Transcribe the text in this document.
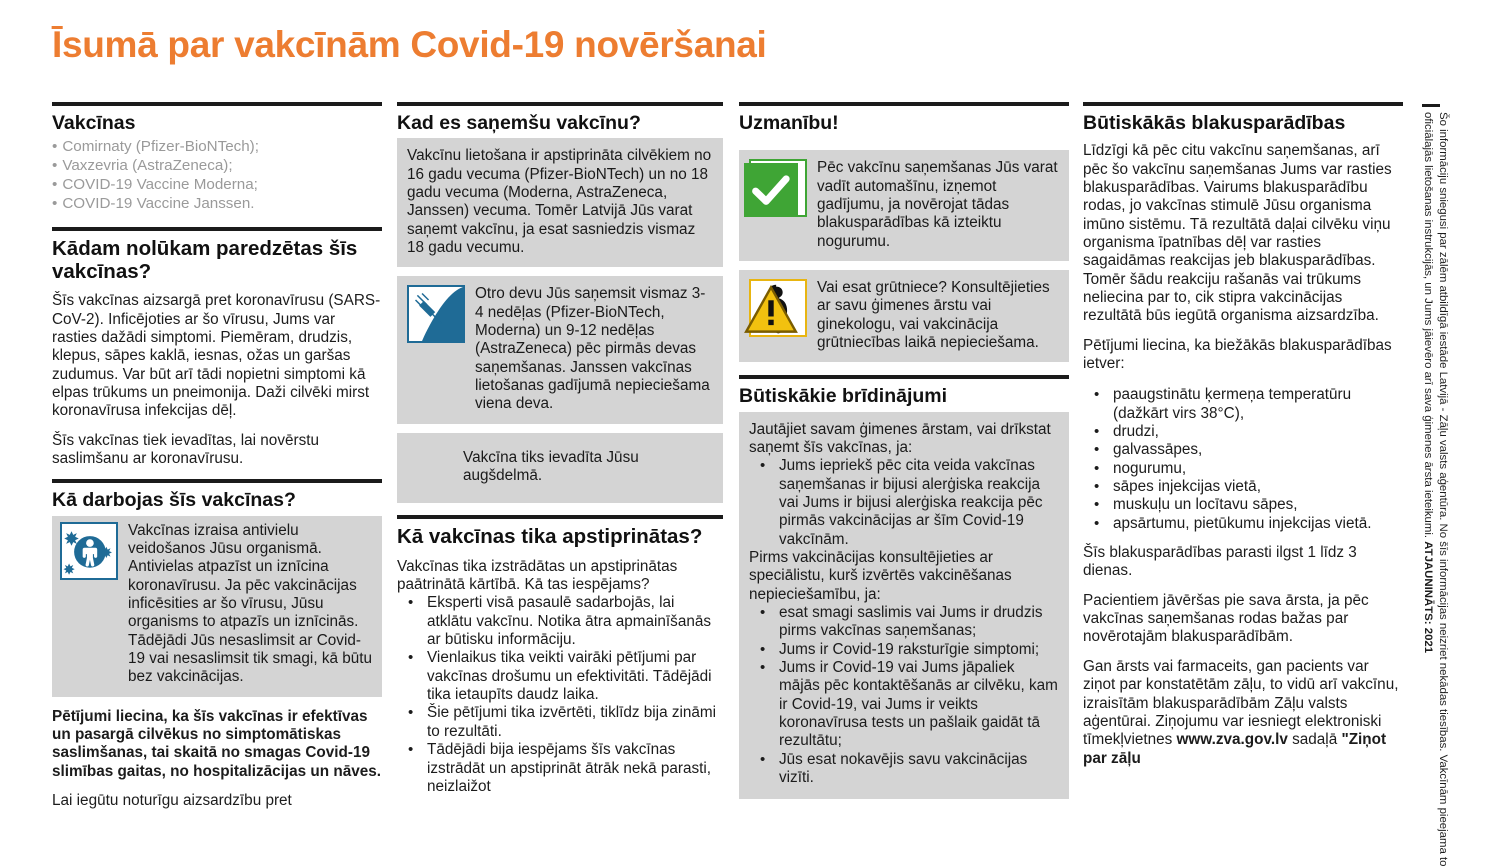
Īsumā par vakcīnām Covid-19 novēršanai
Vakcīnas
• Comirnaty (Pfizer-BioNTech);
• Vaxzevria (AstraZeneca);
• COVID-19 Vaccine Moderna;
• COVID-19 Vaccine Janssen.
Kādam nolūkam paredzētas šīs vakcīnas?

Šīs vakcīnas aizsargā pret koronavīrusu (SARS-CoV-2). Inficējoties ar šo vīrusu, Jums var rasties dažādi simptomi. Piemēram, drudzis, klepus, sāpes kaklā, iesnas, ožas un garšas zudumus. Var būt arī tādi nopietni simptomi kā elpas trūkums un pneimonija. Daži cilvēki mirst koronavīrusa infekcijas dēļ.

Šīs vakcīnas tiek ievadītas, lai novērstu saslimšanu ar koronavīrusu.

Kā darbojas šīs vakcīnas?
Vakcīnas izraisa antivielu veidošanos Jūsu organismā. Antivielas atpazīst un iznīcina koronavīrusu. Ja pēc vakcinācijas inficēsities ar šo vīrusu, Jūsu organisms to atpazīs un iznīcinās. Tādējādi Jūs nesaslimsit ar Covid-19 vai nesaslimsit tik smagi, kā būtu bez vakcinācijas.

Pētījumi liecina, ka šīs vakcīnas ir efektīvas un pasargā cilvēkus no simptomātiskas saslimšanas, tai skaitā no smagas Covid-19 slimības gaitas, no hospitalizācijas un nāves.

Lai iegūtu noturīgu aizsardzību pret

Kad es saņemšu vakcīnu?

Vakcīnu lietošana ir apstiprināta cilvēkiem no 16 gadu vecuma (Pfizer-BioNTech) un no 18 gadu vecuma (Moderna, AstraZeneca, Janssen) vecuma. Tomēr Latvijā Jūs varat saņemt vakcīnu, ja esat sasniedzis vismaz 18 gadu vecumu.

Otro devu Jūs saņemsit vismaz 3-4 nedēļas (Pfizer-BioNTech, Moderna) un 9-12 nedēļas (AstraZeneca) pēc pirmās devas saņemšanas. Janssen vakcīnas lietošanas gadījumā nepieciešama viena deva.

Vakcīna tiks ievadīta Jūsu augšdelmā.

Kā vakcīnas tika apstiprinātas?

Vakcīnas tika izstrādātas un apstiprinātas paātrinātā kārtībā. Kā tas iespējams?

• Eksperti visā pasaulē sadarbojās, lai atklātu vakcīnu. Notika ātra apmainīšanās ar būtisku informāciju.
• Vienlaikus tika veikti vairāki pētījumi par vakcīnas drošumu un efektivitāti. Tādējādi tika ietaupīts daudz laika.
• Šie pētījumi tika izvērtēti, tiklīdz bija zināmi to rezultāti.
• Tādējādi bija iespējams šīs vakcīnas izstrādāt un apstiprināt ātrāk nekā parasti, neizlaižot
Uzmanību!
Pēc vakcīnu saņemšanas Jūs varat vadīt automašīnu, izņemot gadījumu, ja novērojat tādas blakusparādības kā izteiktu nogurumu.
Vai esat grūtniece? Konsultējieties ar savu ģimenes ārstu vai ginekologu, vai vakcinācija grūtniecības laikā nepieciešama.
Būtiskākie brīdinājumi

Jautājiet savam ģimenes ārstam, vai drīkstat saņemt šīs vakcīnas, ja:

• Jums iepriekš pēc cita veida vakcīnas saņemšanas ir bijusi alerģiska reakcija vai Jums ir bijusi alerģiska reakcija pēc pirmās vakcinācijas ar šīm Covid-19 vakcīnām.

Pirms vakcinācijas konsultējieties ar speciālistu, kurš izvērtēs vakcinēšanas nepieciešamību, ja:

• esat smagi saslimis vai Jums ir drudzis pirms vakcīnas saņemšanas;
• Jums ir Covid-19 raksturīgie simptomi;
• Jums ir Covid-19 vai Jums jāpaliek mājās pēc kontaktēšanās ar cilvēku, kam ir Covid-19, vai Jums ir veikts koronavīrusa tests un pašlaik gaidāt tā rezultātu;
• Jūs esat nokavējis savu vakcinācijas vizīti.
Būtiskākās blakusparādības

Līdzīgi kā pēc citu vakcīnu saņemšanas, arī pēc šo vakcīnu saņemšanas Jums var rasties blakusparādības. Vairums blakusparādību rodas, jo vakcīnas stimulē Jūsu organisma imūno sistēmu. Tā rezultātā daļai cilvēku viņu organisma īpatnības dēļ var rasties sagaidāmas reakcijas jeb blakusparādības. Tomēr šādu reakciju rašanās vai trūkums neliecina par to, cik stipra vakcinācijas rezultātā būs iegūtā organisma aizsardzība.

Pētījumi liecina, ka biežākās blakusparādības ietver:

• paaugstinātu ķermeņa temperatūru (dažkārt virs 38°C),
• drudzi,
• galvassāpes,
• nogurumu,
• sāpes injekcijas vietā,
• muskuļu un locītavu sāpes,
• apsārtumu, pietūkumu injekcijas vietā.

Šīs blakusparādības parasti ilgst 1 līdz 3 dienas.

Pacientiem jāvēršas pie sava ārsta, ja pēc vakcīnas saņemšanas rodas bažas par novērotajām blakusparādībām.

Gan ārsts vai farmaceits, gan pacients var ziņot par konstatētām zāļu, to vidū arī vakcīnu, izraisītām blakusparādībām Zāļu valsts aģentūrai. Ziņojumu var iesniegt elektroniski tīmekļvietnes www.zva.gov.lv sadaļā "Ziņot par zāļu	Šo informāciju sniegusi par zālēm atbildīgā iestāde Latvijā - Zāļu valsts aģentūra. No šīs informācijas neizriet nekādas tiesības. Vakcīnām pieejama to oficiālajās lietošanas instrukcijās, un Jums jāievēro arī sava ģimenes ārsta ieteikumi. ATJAUNINĀTS: 2021
